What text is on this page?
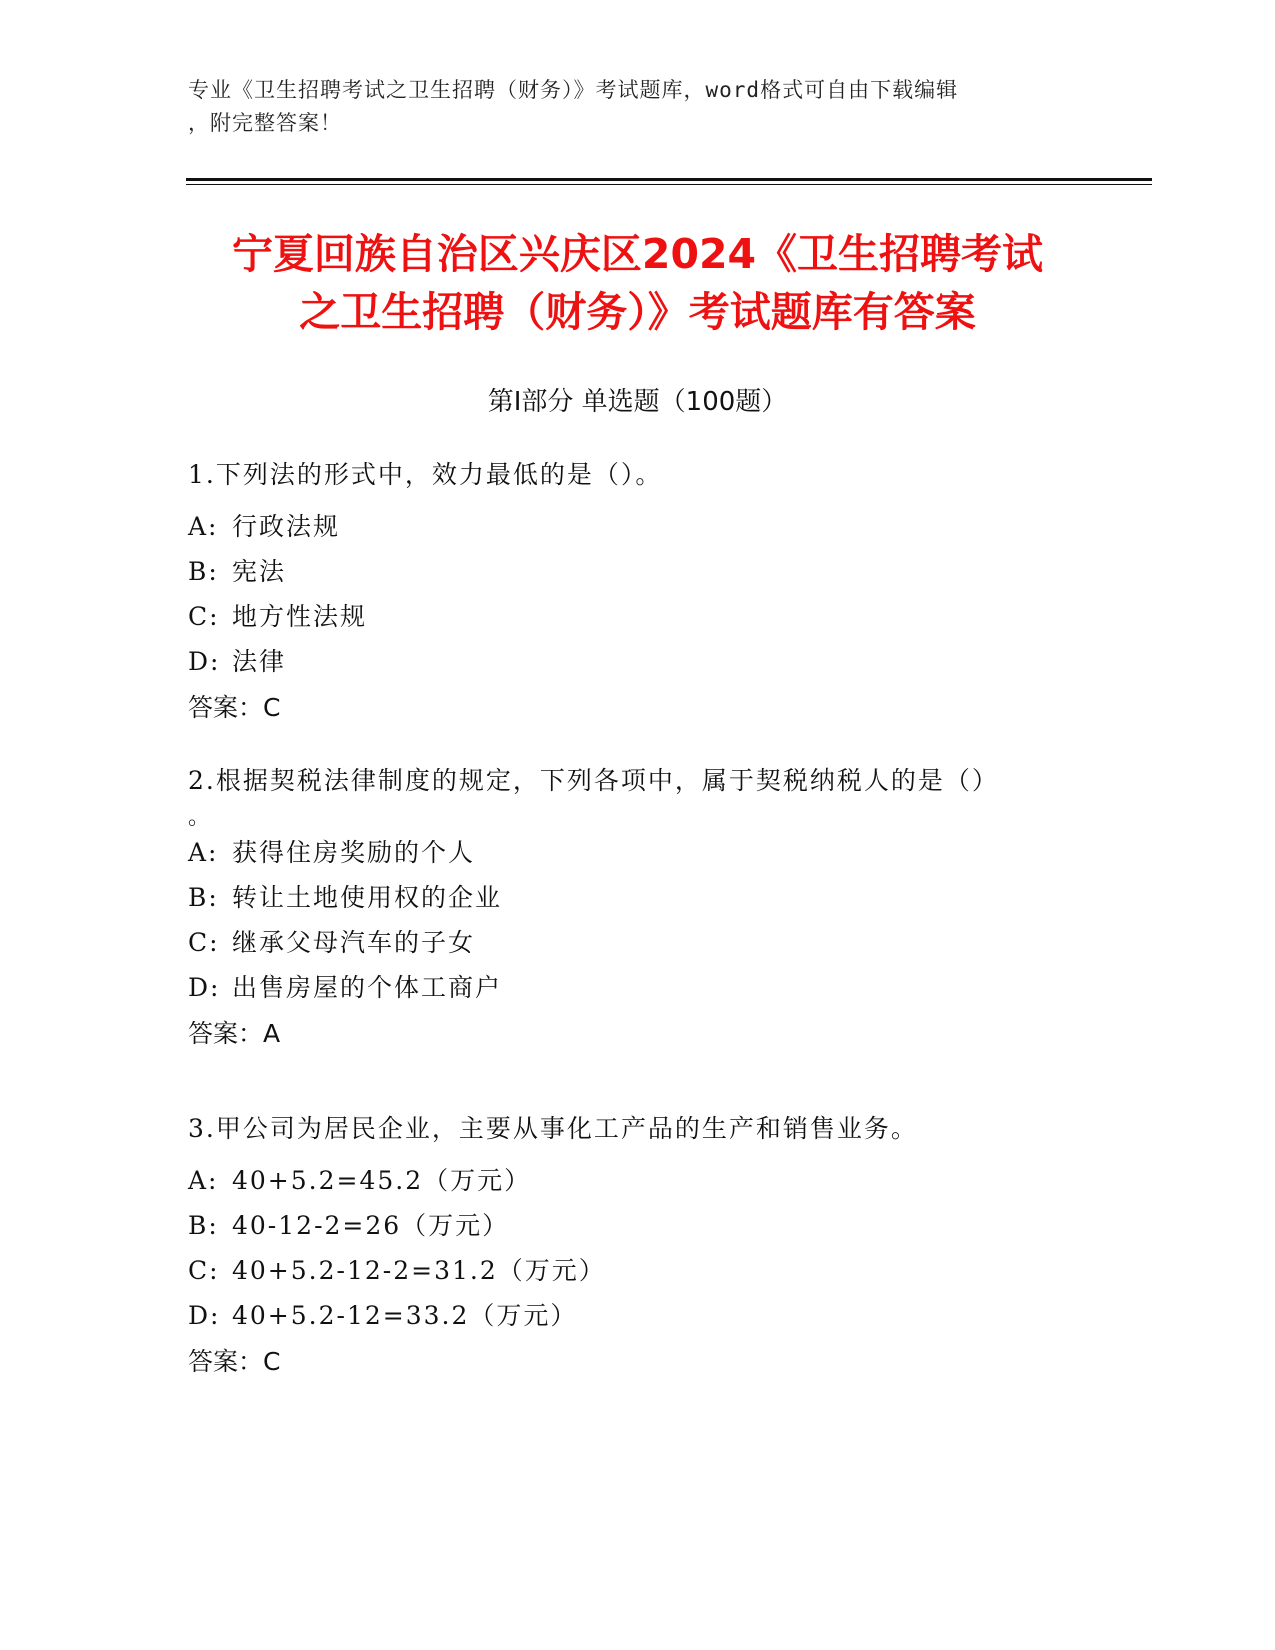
专业《卫生招聘考试之卫生招聘（财务）》考试题库，word格式可自由下载编辑
，附完整答案！
宁夏回族自治区兴庆区2024《卫生招聘考试
之卫生招聘（财务）》考试题库有答案
第Ⅰ部分 单选题（100题）
1.下列法的形式中，效力最低的是（）。
A: 行政法规
B: 宪法
C: 地方性法规
D: 法律
答案：C
2.根据契税法律制度的规定，下列各项中，属于契税纳税人的是（）
。
A: 获得住房奖励的个人
B: 转让土地使用权的企业
C: 继承父母汽车的子女
D: 出售房屋的个体工商户
答案：A
3.甲公司为居民企业，主要从事化工产品的生产和销售业务。
A: 40+5.2=45.2（万元）
B: 40-12-2=26（万元）
C: 40+5.2-12-2=31.2（万元）
D: 40+5.2-12=33.2（万元）
答案：C
